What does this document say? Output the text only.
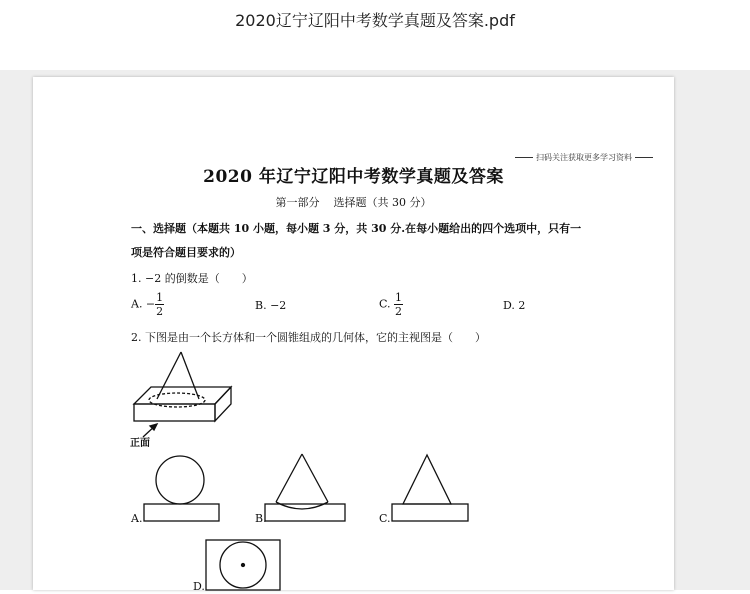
2020辽宁辽阳中考数学真题及答案.pdf
扫码关注获取更多学习资料
2020 年辽宁辽阳中考数学真题及答案
第一部分 选择题（共 30 分）
一、选择题（本题共 10 小题，每小题 3 分，共 30 分.在每小题给出的四个选项中，只有一
项是符合题目要求的）
1. −2 的倒数是（　　）
A. − $\frac{1}{2}$	B. −2	C. $\frac{1}{2}$	D. 2
2. 下图是由一个长方体和一个圆锥组成的几何体，它的主视图是（　　）
正面
A.	B.	C.
D.
